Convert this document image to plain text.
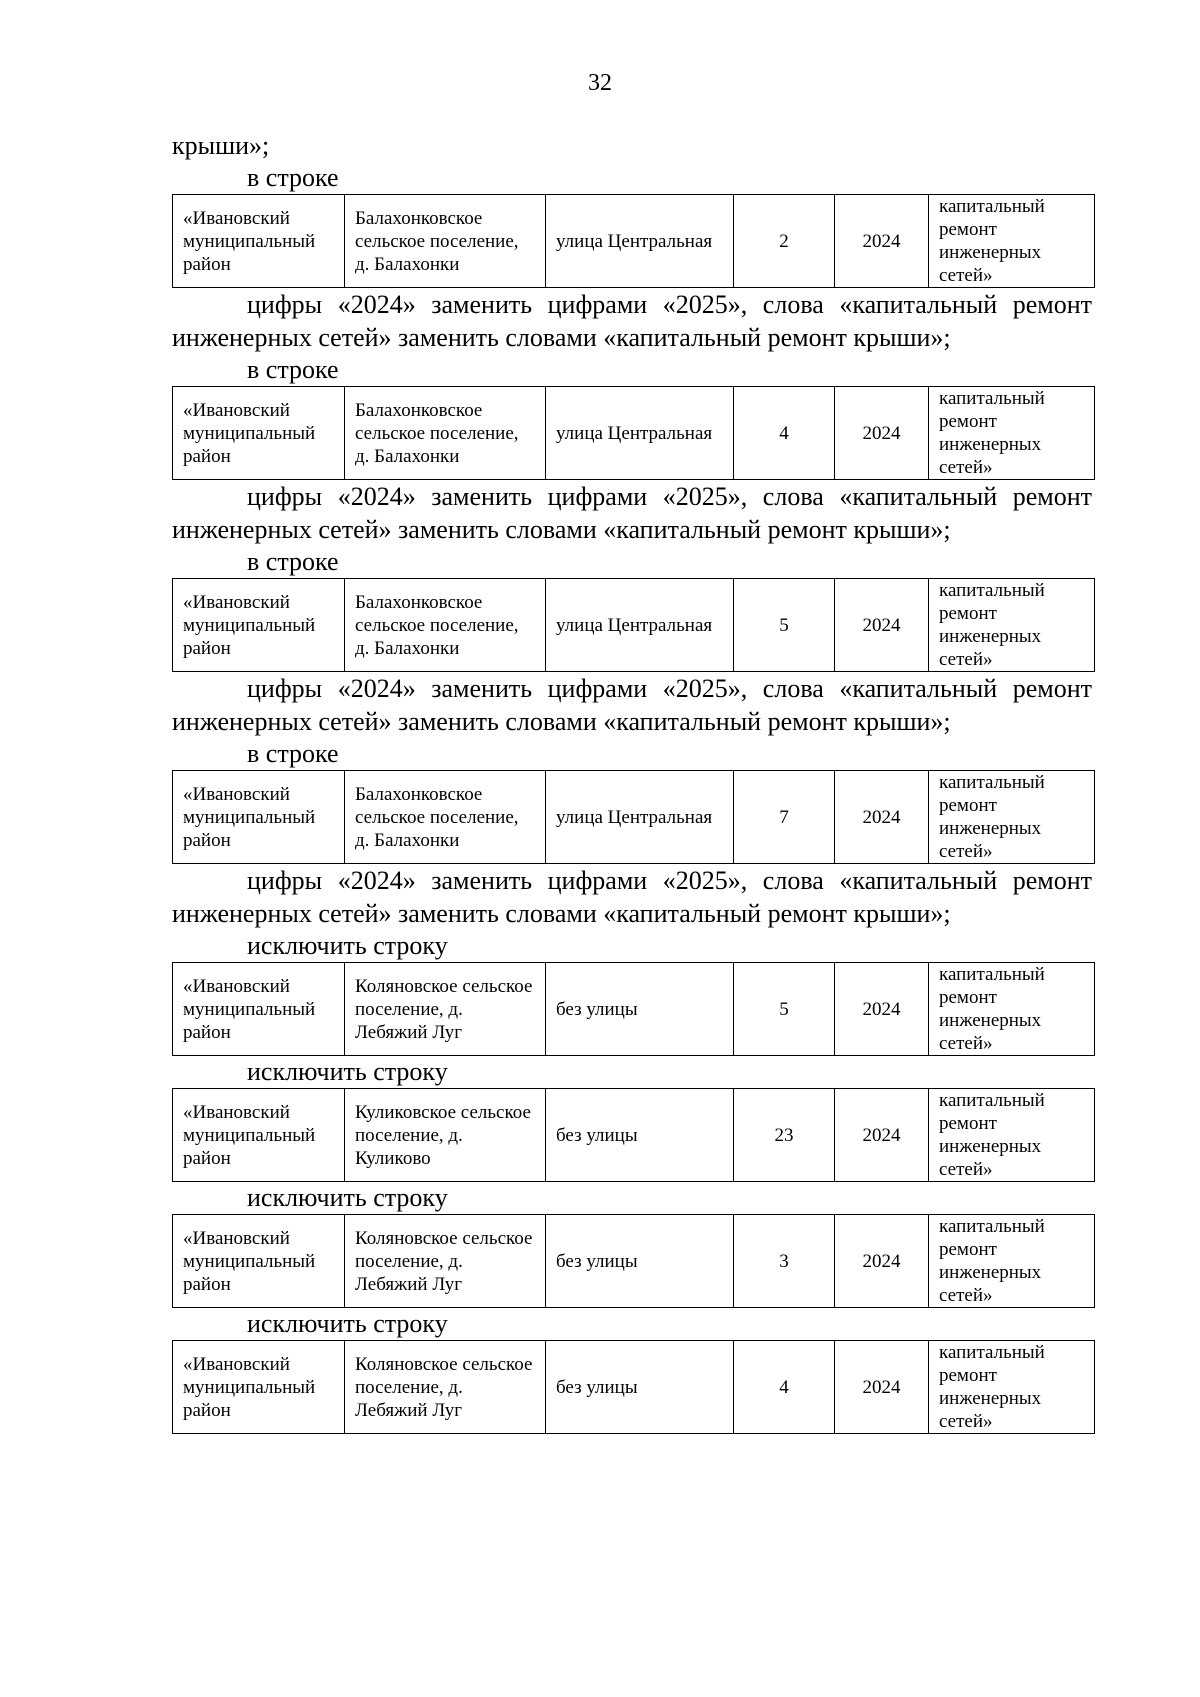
32
крыши»;
в строке
«Ивановский муниципальный район	Балахонковское сельское поселение, д. Балахонки	улица Центральная	2	2024	капитальный ремонт инженерных сетей»
цифры «2024» заменить цифрами «2025», слова «капитальный ремонт инженерных сетей» заменить словами «капитальный ремонт крыши»;
в строке
«Ивановский муниципальный район	Балахонковское сельское поселение, д. Балахонки	улица Центральная	4	2024	капитальный ремонт инженерных сетей»
цифры «2024» заменить цифрами «2025», слова «капитальный ремонт инженерных сетей» заменить словами «капитальный ремонт крыши»;
в строке
«Ивановский муниципальный район	Балахонковское сельское поселение, д. Балахонки	улица Центральная	5	2024	капитальный ремонт инженерных сетей»
цифры «2024» заменить цифрами «2025», слова «капитальный ремонт инженерных сетей» заменить словами «капитальный ремонт крыши»;
в строке
«Ивановский муниципальный район	Балахонковское сельское поселение, д. Балахонки	улица Центральная	7	2024	капитальный ремонт инженерных сетей»
цифры «2024» заменить цифрами «2025», слова «капитальный ремонт инженерных сетей» заменить словами «капитальный ремонт крыши»;
исключить строку
«Ивановский муниципальный район	Коляновское сельское поселение, д. Лебяжий Луг	без улицы	5	2024	капитальный ремонт инженерных сетей»
исключить строку
«Ивановский муниципальный район	Куликовское сельское поселение, д. Куликово	без улицы	23	2024	капитальный ремонт инженерных сетей»
исключить строку
«Ивановский муниципальный район	Коляновское сельское поселение, д. Лебяжий Луг	без улицы	3	2024	капитальный ремонт инженерных сетей»
исключить строку
«Ивановский муниципальный район	Коляновское сельское поселение, д. Лебяжий Луг	без улицы	4	2024	капитальный ремонт инженерных сетей»
